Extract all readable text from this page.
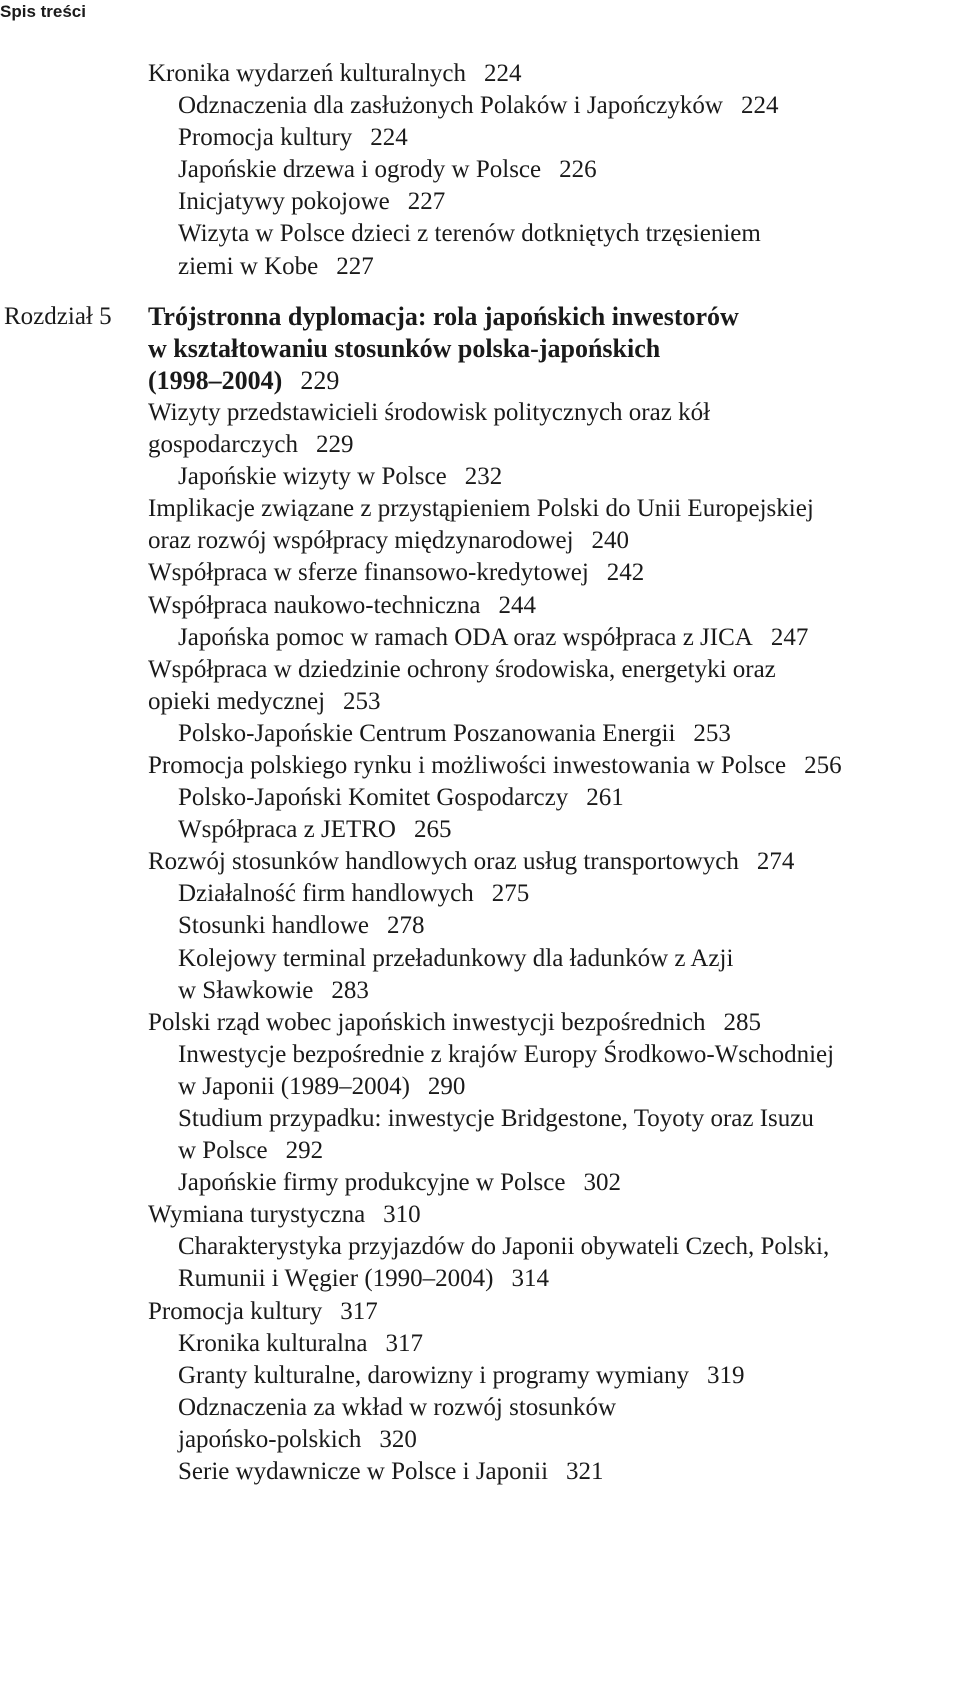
Spis treści
Kronika wydarzeń kulturalnych 224
Odznaczenia dla zasłużonych Polaków i Japończyków 224
Promocja kultury 224
Japońskie drzewa i ogrody w Polsce 226
Inicjatywy pokojowe 227
Wizyta w Polsce dzieci z terenów dotkniętych trzęsieniem
ziemi w Kobe 227
Rozdział 5 Trójstronna dyplomacja: rola japońskich inwestorów
w kształtowaniu stosunków polska-japońskich
(1998–2004) 229
Wizyty przedstawicieli środowisk politycznych oraz kół
gospodarczych 229
Japońskie wizyty w Polsce 232
Implikacje związane z przystąpieniem Polski do Unii Europejskiej
oraz rozwój współpracy międzynarodowej 240
Współpraca w sferze finansowo-kredytowej 242
Współpraca naukowo-techniczna 244
Japońska pomoc w ramach ODA oraz współpraca z JICA 247
Współpraca w dziedzinie ochrony środowiska, energetyki oraz
opieki medycznej 253
Polsko-Japońskie Centrum Poszanowania Energii 253
Promocja polskiego rynku i możliwości inwestowania w Polsce 256
Polsko-Japoński Komitet Gospodarczy 261
Współpraca z JETRO 265
Rozwój stosunków handlowych oraz usług transportowych 274
Działalność firm handlowych 275
Stosunki handlowe 278
Kolejowy terminal przeładunkowy dla ładunków z Azji
w Sławkowie 283
Polski rząd wobec japońskich inwestycji bezpośrednich 285
Inwestycje bezpośrednie z krajów Europy Środkowo-Wschodniej
w Japonii (1989–2004) 290
Studium przypadku: inwestycje Bridgestone, Toyoty oraz Isuzu
w Polsce 292
Japońskie firmy produkcyjne w Polsce 302
Wymiana turystyczna 310
Charakterystyka przyjazdów do Japonii obywateli Czech, Polski,
Rumunii i Węgier (1990–2004) 314
Promocja kultury 317
Kronika kulturalna 317
Granty kulturalne, darowizny i programy wymiany 319
Odznaczenia za wkład w rozwój stosunków
japońsko-polskich 320
Serie wydawnicze w Polsce i Japonii 321
